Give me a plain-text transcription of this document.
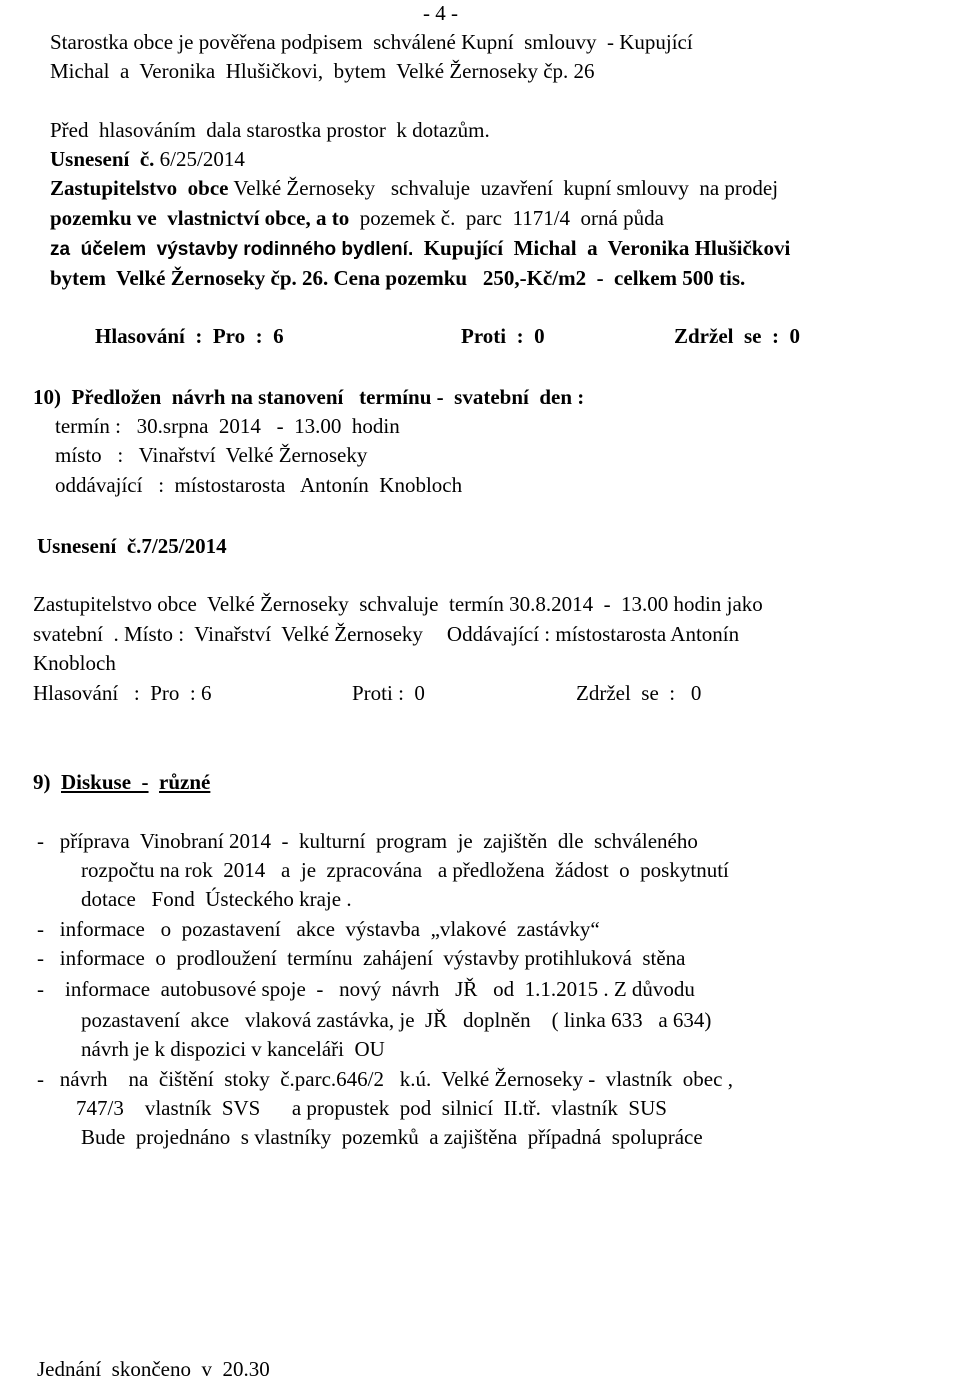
- 4 -
Starostka obce je pověřena podpisem  schválené Kupní  smlouvy  - Kupující
Michal  a  Veronika  Hlušičkovi,  bytem  Velké Žernoseky čp. 26
Před  hlasováním  dala starostka prostor  k dotazům.
Usnesení  č. 6/25/2014
Zastupitelstvo  obce Velké Žernoseky   schvaluje  uzavření  kupní smlouvy  na prodej
pozemku ve  vlastnictví obce, a to  pozemek č.  parc  1171/4  orná půda
za  účelem  výstavby rodinného bydlení.  Kupující  Michal  a  Veronika Hlušičkovi
bytem  Velké Žernoseky čp. 26. Cena pozemku   250,-Kč/m2  -  celkem 500 tis.
Hlasování  :  Pro  :  6	Proti  :  0	Zdržel  se  :  0
10)  Předložen  návrh na stanovení   termínu -  svatební  den :
termín :   30.srpna  2014   -  13.00  hodin
místo   :   Vinařství  Velké Žernoseky
oddávající   :  místostarosta   Antonín  Knobloch
Usnesení  č.7/25/2014
Zastupitelstvo obce  Velké Žernoseky  schvaluje  termín 30.8.2014  -  13.00 hodin jako
svatební  . Místo :  Vinařství  Velké Žernoseky Oddávající : místostarosta Antonín
Knobloch
Hlasování   :  Pro  : 6	Proti :  0	Zdržel  se  :   0
9)  Diskuse  - různé
-   příprava  Vinobraní 2014  -  kulturní  program  je  zajištěn  dle  schváleného
rozpočtu na rok  2014   a  je  zpracována   a předložena  žádost  o  poskytnutí
dotace   Fond  Ústeckého kraje .
-   informace   o  pozastavení   akce  výstavba  „vlakové  zastávky“
-   informace  o  prodloužení  termínu  zahájení  výstavby protihluková  stěna
-    informace  autobusové spoje  -   nový  návrh   JŘ   od  1.1.2015 . Z důvodu
pozastavení  akce   vlaková zastávka, je  JŘ   doplněn    ( linka 633   a 634)
návrh je k dispozici v kanceláři  OU
-   návrh    na  čištění  stoky  č.parc.646/2   k.ú.  Velké Žernoseky -  vlastník  obec ,
747/3    vlastník  SVS      a propustek  pod  silnicí  II.tř.  vlastník  SUS
Bude  projednáno  s vlastníky  pozemků  a zajištěna  případná  spolupráce
Jednání  skončeno  v  20.30
